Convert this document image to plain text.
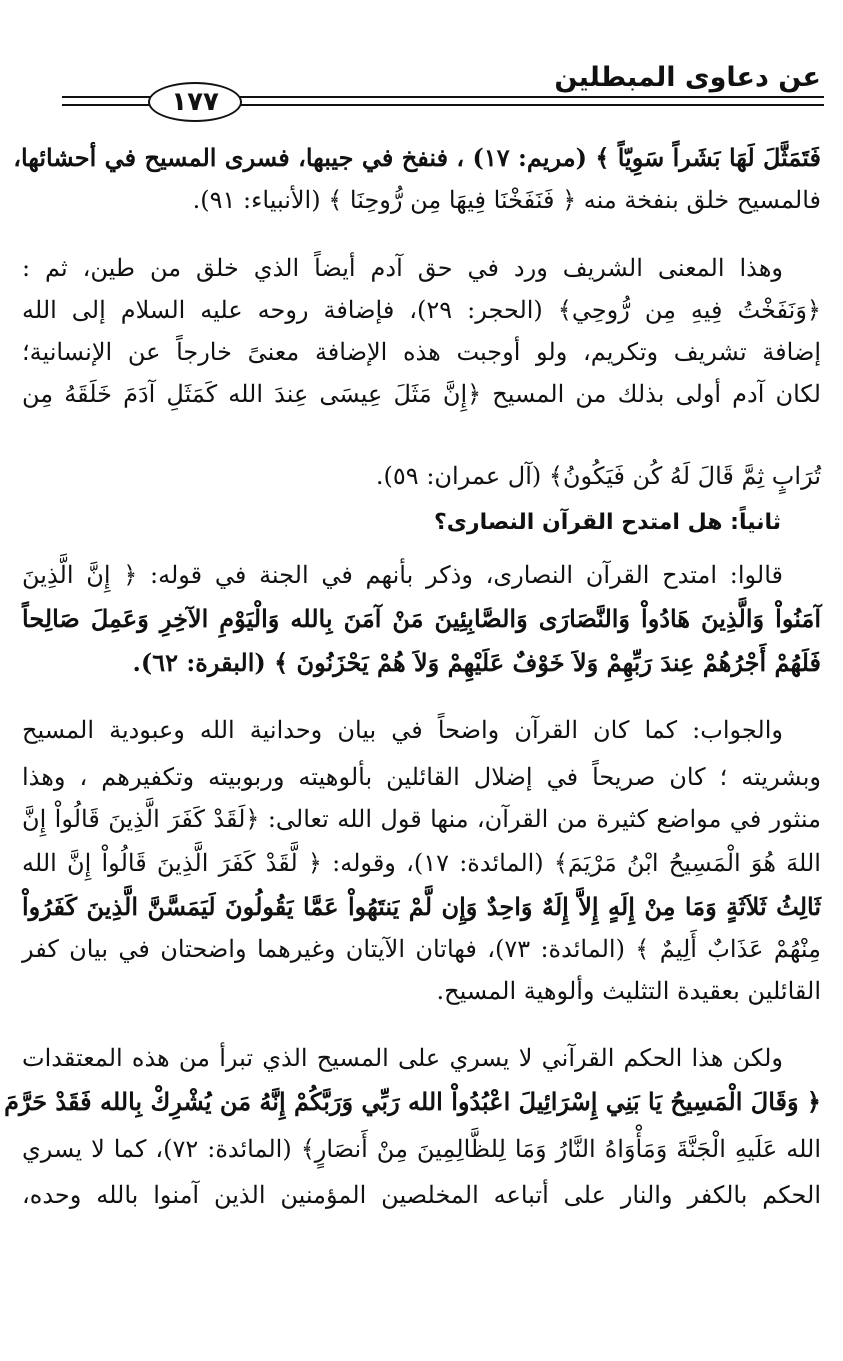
عن دعاوى المبطلين
١٧٧
فَتَمَثَّلَ لَهَا بَشَراً سَوِيّاً ﴾ (مريم: ١٧) ، فنفخ في جيبها، فسرى المسيح في أحشائها،
فالمسيح خلق بنفخة منه ﴿ فَنَفَخْنَا فِيهَا مِن رُّوحِنَا ﴾ (الأنبياء: ٩١).
وهذا المعنى الشريف ورد في حق آدم أيضاً الذي خلق من طين، ثم :
﴿وَنَفَخْتُ فِيهِ مِن رُّوحِي﴾ (الحجر: ٢٩)، فإضافة روحه عليه السلام إلى الله
إضافة تشريف وتكريم، ولو أوجبت هذه الإضافة معنىً خارجاً عن الإنسانية؛
لكان آدم أولى بذلك من المسيح ﴿إِنَّ مَثَلَ عِيسَى عِندَ الله كَمَثَلِ آدَمَ خَلَقَهُ مِن
تُرَابٍ ثِمَّ قَالَ لَهُ كُن فَيَكُونُ﴾ (آل عمران: ٥٩).
ثانياً: هل امتدح القرآن النصارى؟
قالوا: امتدح القرآن النصارى، وذكر بأنهم في الجنة في قوله: ﴿ إِنَّ الَّذِينَ
آمَنُواْ وَالَّذِينَ هَادُواْ وَالنَّصَارَى وَالصَّابِئِينَ مَنْ آمَنَ بِالله وَالْيَوْمِ الآخِرِ وَعَمِلَ صَالِحاً
فَلَهُمْ أَجْرُهُمْ عِندَ رَبِّهِمْ وَلاَ خَوْفٌ عَلَيْهِمْ وَلاَ هُمْ يَحْزَنُونَ ﴾ (البقرة: ٦٢).
والجواب: كما كان القرآن واضحاً في بيان وحدانية الله وعبودية المسيح
وبشريته ؛ كان صريحاً في إضلال القائلين بألوهيته وربوبيته وتكفيرهم ، وهذا
منثور في مواضع كثيرة من القرآن، منها قول الله تعالى: ﴿لَقَدْ كَفَرَ الَّذِينَ قَالُواْ إِنَّ
اللهَ هُوَ الْمَسِيحُ ابْنُ مَرْيَمَ﴾ (المائدة: ١٧)، وقوله: ﴿ لَّقَدْ كَفَرَ الَّذِينَ قَالُواْ إِنَّ الله
ثَالِثُ ثَلاَثَةٍ وَمَا مِنْ إِلَهٍ إِلاَّ إِلَهٌ وَاحِدٌ وَإِن لَّمْ يَنتَهُواْ عَمَّا يَقُولُونَ لَيَمَسَّنَّ الَّذِينَ كَفَرُواْ
مِنْهُمْ عَذَابٌ أَلِيمٌ ﴾ (المائدة: ٧٣)، فهاتان الآيتان وغيرهما واضحتان في بيان كفر
القائلين بعقيدة التثليث وألوهية المسيح.
ولكن هذا الحكم القرآني لا يسري على المسيح الذي تبرأ من هذه المعتقدات
﴿ وَقَالَ الْمَسِيحُ يَا بَنِي إِسْرَائِيلَ اعْبُدُواْ الله رَبِّي وَرَبَّكُمْ إِنَّهُ مَن يُشْرِكْ بِالله فَقَدْ حَرَّمَ
الله عَلَيهِ الْجَنَّةَ وَمَأْوَاهُ النَّارُ وَمَا لِلظَّالِمِينَ مِنْ أَنصَارٍ﴾ (المائدة: ٧٢)، كما لا يسري
الحكم بالكفر والنار على أتباعه المخلصين المؤمنين الذين آمنوا بالله وحده،
